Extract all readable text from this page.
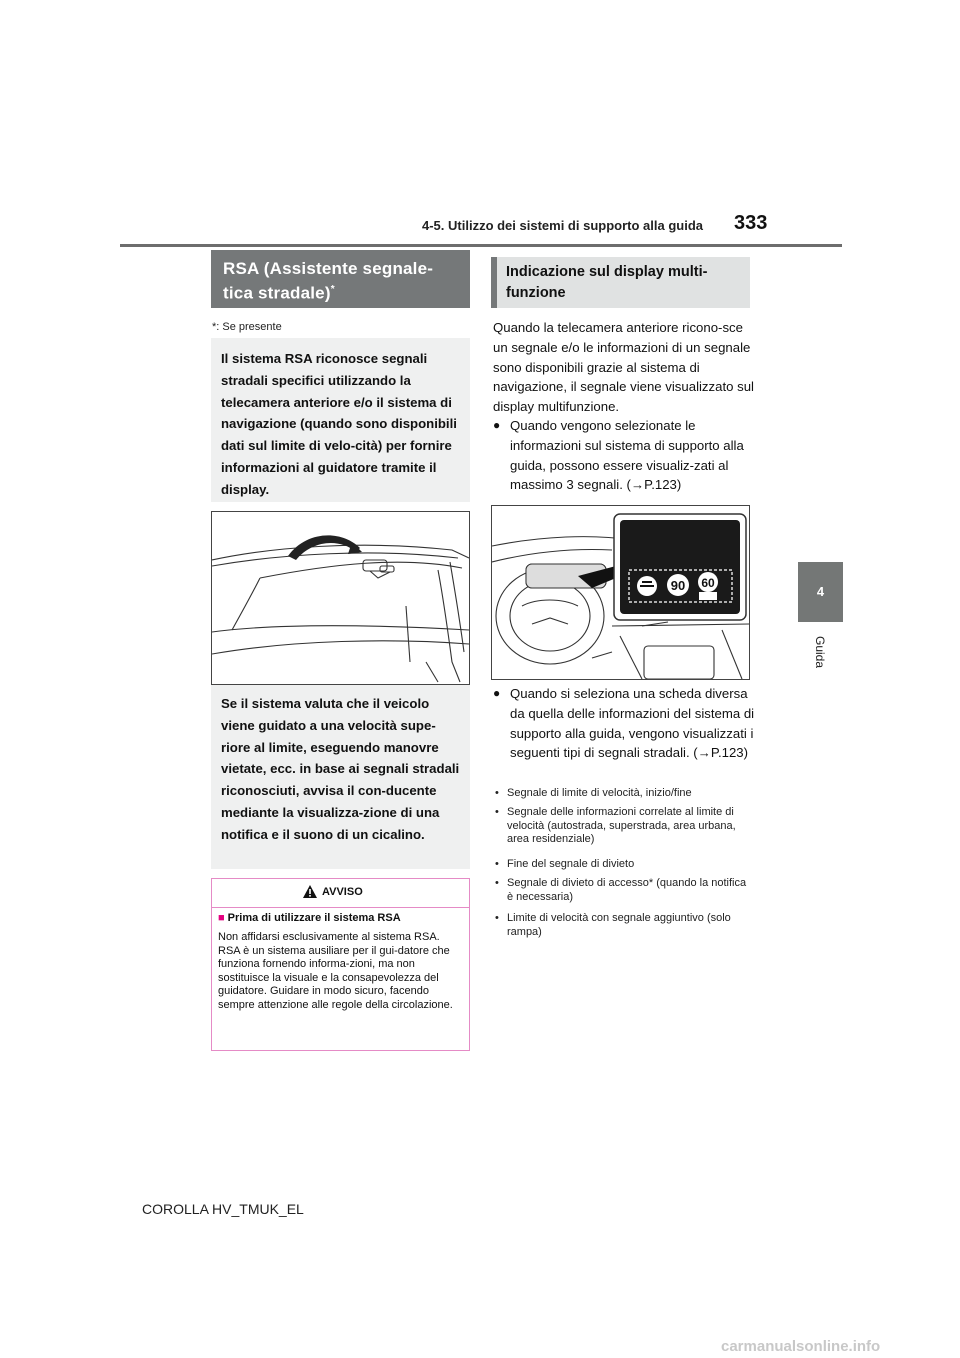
4-5. Utilizzo dei sistemi di supporto alla guida 333
4
Guida
RSA (Assistente segnale-tica stradale)*
*: Se presente
Il sistema RSA riconosce segnali stradali specifici utilizzando la telecamera anteriore e/o il sistema di navigazione (quando sono disponibili dati sul limite di velo-cità) per fornire informazioni al guidatore tramite il display.
Se il sistema valuta che il veicolo viene guidato a una velocità supe-riore al limite, eseguendo manovre vietate, ecc. in base ai segnali stradali riconosciuti, avvisa il con-ducente mediante la visualizza-zione di una notifica e il suono di un cicalino.
AVVISO
■ Prima di utilizzare il sistema RSA
Non affidarsi esclusivamente al sistema RSA. RSA è un sistema ausiliare per il gui-datore che funziona fornendo informa-zioni, ma non sostituisce la visuale e la consapevolezza del guidatore. Guidare in modo sicuro, facendo sempre attenzione alle regole della circolazione.
Indicazione sul display multi-funzione
Quando la telecamera anteriore ricono-sce un segnale e/o le informazioni di un segnale sono disponibili grazie al sistema di navigazione, il segnale viene visualizzato sul display multifunzione.
● Quando vengono selezionate le informazioni sul sistema di supporto alla guida, possono essere visualiz-zati al massimo 3 segnali. (→P.123)
90 60
● Quando si seleziona una scheda diversa da quella delle informazioni del sistema di supporto alla guida, vengono visualizzati i seguenti tipi di segnali stradali. (→P.123)
• Segnale di limite di velocità, inizio/fine
• Segnale delle informazioni correlate al limite di velocità (autostrada, superstrada, area urbana, area residenziale)
• Fine del segnale di divieto
• Segnale di divieto di accesso* (quando la notifica è necessaria)
• Limite di velocità con segnale aggiuntivo (solo rampa)
COROLLA HV_TMUK_EL
carmanualsonline.info
